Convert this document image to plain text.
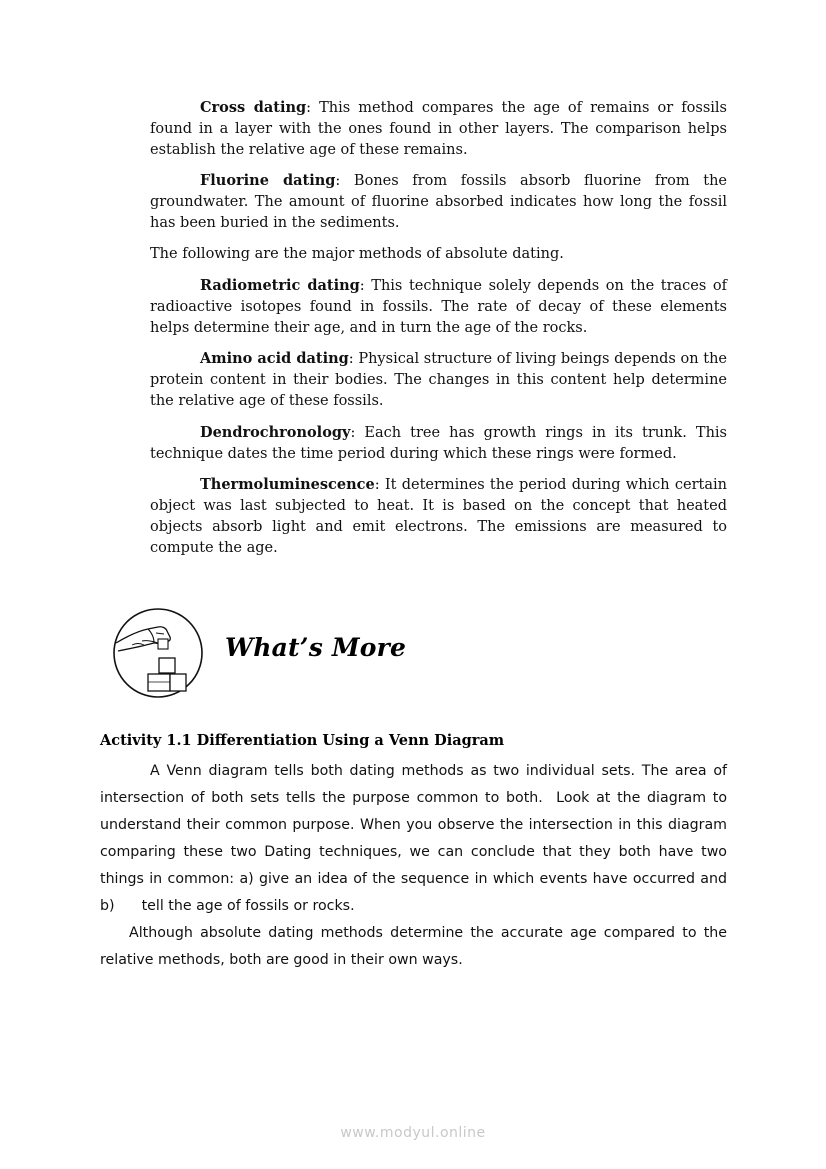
Cross dating: This method compares the age of remains or fossils found in a layer with the ones found in other layers. The comparison helps establish the relative age of these remains.

Fluorine dating: Bones from fossils absorb fluorine from the groundwater. The amount of fluorine absorbed indicates how long the fossil has been buried in the sediments.

The following are the major methods of absolute dating.

Radiometric dating: This technique solely depends on the traces of radioactive isotopes found in fossils. The rate of decay of these elements helps determine their age, and in turn the age of the rocks.

Amino acid dating: Physical structure of living beings depends on the protein content in their bodies. The changes in this content help determine the relative age of these fossils.

Dendrochronology: Each tree has growth rings in its trunk. This technique dates the time period during which these rings were formed.

Thermoluminescence: It determines the period during which certain object was last subjected to heat. It is based on the concept that heated objects absorb light and emit electrons. The emissions are measured to compute the age.

What’s More
Activity 1.1 Differentiation Using a Venn Diagram

A Venn diagram tells both dating methods as two individual sets. The area of intersection of both sets tells the purpose common to both.  Look at the diagram to understand their common purpose. When you observe the intersection in this diagram comparing these two Dating techniques, we can conclude that they both have two things in common: a) give an idea of the sequence in which events have occurred and b)      tell the age of fossils or rocks.

Although absolute dating methods determine the accurate age compared to the relative methods, both are good in their own ways.

www.modyul.online
